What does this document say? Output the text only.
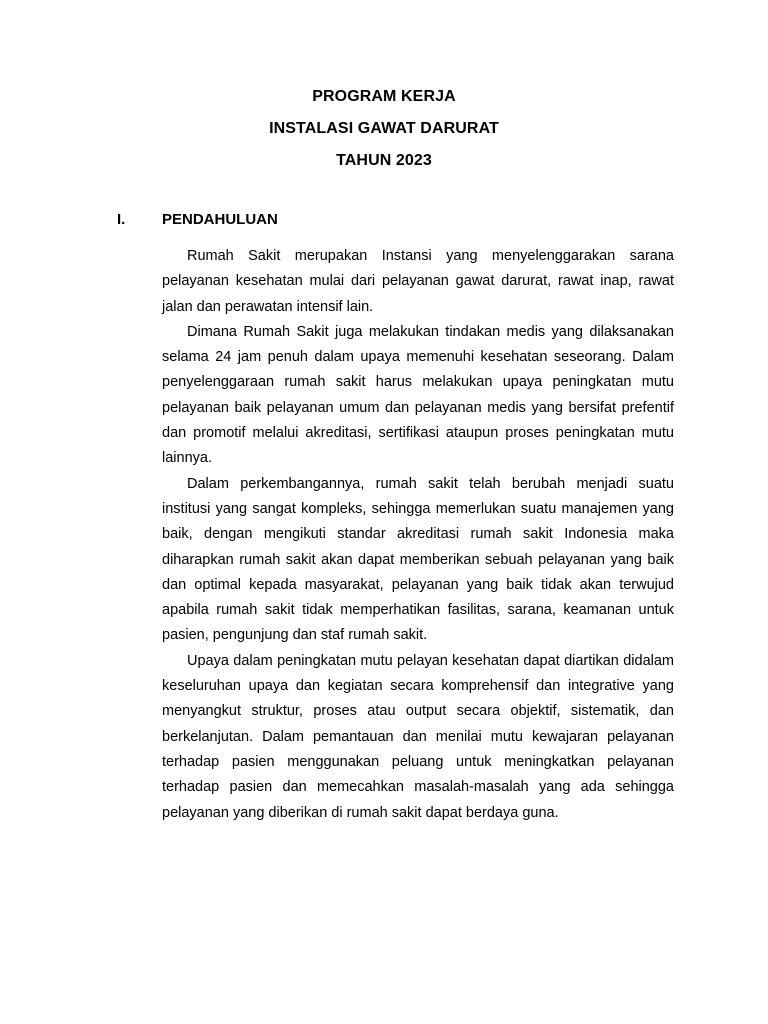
PROGRAM KERJA
INSTALASI GAWAT DARURAT
TAHUN 2023
I. PENDAHULUAN

Rumah Sakit merupakan Instansi yang menyelenggarakan sarana pelayanan kesehatan mulai dari pelayanan gawat darurat, rawat inap, rawat jalan dan perawatan intensif lain.

Dimana Rumah Sakit juga melakukan tindakan medis yang dilaksanakan selama 24 jam penuh dalam upaya memenuhi kesehatan seseorang. Dalam penyelenggaraan rumah sakit harus melakukan upaya peningkatan mutu pelayanan baik pelayanan umum dan pelayanan medis yang bersifat prefentif dan promotif melalui akreditasi, sertifikasi ataupun proses peningkatan mutu lainnya.

Dalam perkembangannya, rumah sakit telah berubah menjadi suatu institusi yang sangat kompleks, sehingga memerlukan suatu manajemen yang baik, dengan mengikuti standar akreditasi rumah sakit Indonesia maka diharapkan rumah sakit akan dapat memberikan sebuah pelayanan yang baik dan optimal kepada masyarakat, pelayanan yang baik tidak akan terwujud apabila rumah sakit tidak memperhatikan fasilitas, sarana, keamanan untuk pasien, pengunjung dan staf rumah sakit.

Upaya dalam peningkatan mutu pelayan kesehatan dapat diartikan didalam keseluruhan upaya dan kegiatan secara komprehensif dan integrative yang menyangkut struktur, proses atau output secara objektif, sistematik, dan berkelanjutan. Dalam pemantauan dan menilai mutu kewajaran pelayanan terhadap pasien menggunakan peluang untuk meningkatkan pelayanan terhadap pasien dan memecahkan masalah-masalah yang ada sehingga pelayanan yang diberikan di rumah sakit dapat berdaya guna.
